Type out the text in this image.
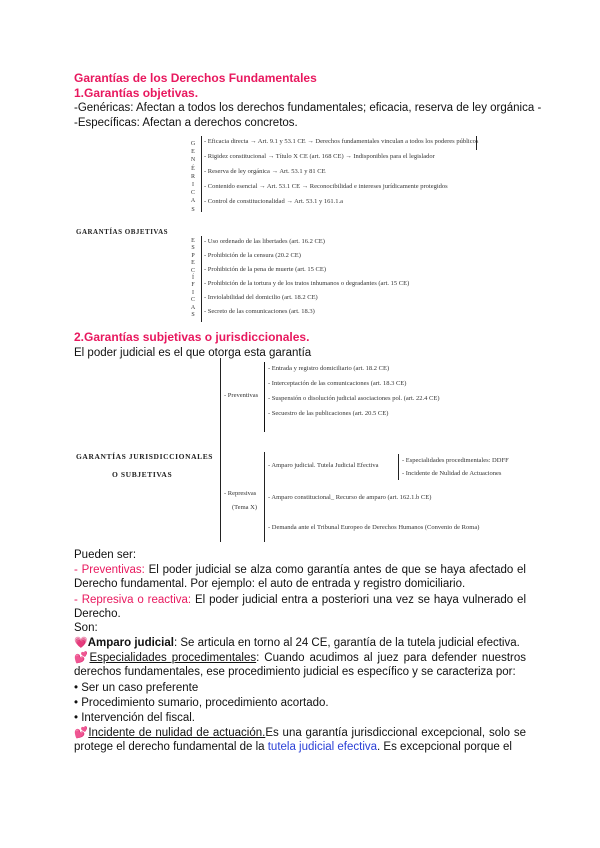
Garantías de los Derechos Fundamentales
1.Garantías objetivas.
-Genéricas: Afectan a todos los derechos fundamentales; eficacia, reserva de ley orgánica -
-Específicas: Afectan a derechos concretos.
GARANTÍAS OBJETIVAS
G
E
N
É
R
I
C
A
S
- Eficacia directa → Art. 9.1 y 53.1 CE → Derechos fundamentales vinculan a todos los poderes públicos
- Rigidez constitucional → Título X CE (art. 168 CE) → Indisponibles para el legislador
- Reserva de ley orgánica → Art. 53.1 y 81 CE
- Contenido esencial → Art. 53.1 CE → Reconocibilidad e intereses jurídicamente protegidos
- Control de constitucionalidad → Art. 53.1 y 161.1.a
E
S
P
E
C
Í
F
I
C
A
S
- Uso ordenado de las libertades (art. 16.2 CE)
- Prohibición de la censura (20.2 CE)
- Prohibición de la pena de muerte (art. 15 CE)
- Prohibición de la tortura y de los tratos inhumanos o degradantes (art. 15 CE)
- Inviolabilidad del domicilio (art. 18.2 CE)
- Secreto de las comunicaciones (art. 18.3)
2.Garantías subjetivas o jurisdiccionales.
El poder judicial es el que otorga esta garantía
GARANTÍAS JURISDICCIONALES
O SUBJETIVAS
- Preventivas
- Entrada y registro domiciliario (art. 18.2 CE)
- Interceptación de las comunicaciones (art. 18.3 CE)
- Suspensión o disolución judicial asociaciones pol. (art. 22.4 CE)
- Secuestro de las publicaciones (art. 20.5 CE)
- Represivas
(Tema X)
- Amparo judicial. Tutela Judicial Efectiva
- Amparo constitucional_ Recurso de amparo (art. 162.1.b CE)
- Demanda ante el Tribunal Europeo de Derechos Humanos (Convenio de Roma)
- Especialidades procedimentales: DDFF
- Incidente de Nulidad de Actuaciones
Pueden ser:
- Preventivas: El poder judicial se alza como garantía antes de que se haya afectado el Derecho fundamental. Por ejemplo: el auto de entrada y registro domiciliario.
- Represiva o reactiva: El poder judicial entra a posteriori una vez se haya vulnerado el Derecho.
Son:
💗Amparo judicial: Se articula en torno al 24 CE, garantía de la tutela judicial efectiva.
💕Especialidades procedimentales: Cuando acudimos al juez para defender nuestros derechos fundamentales, ese procedimiento judicial es específico y se caracteriza por:
• Ser un caso preferente
• Procedimiento sumario, procedimiento acortado.
• Intervención del fiscal.
💕Incidente de nulidad de actuación.Es una garantía jurisdiccional excepcional, solo se protege el derecho fundamental de la tutela judicial efectiva. Es excepcional porque el
